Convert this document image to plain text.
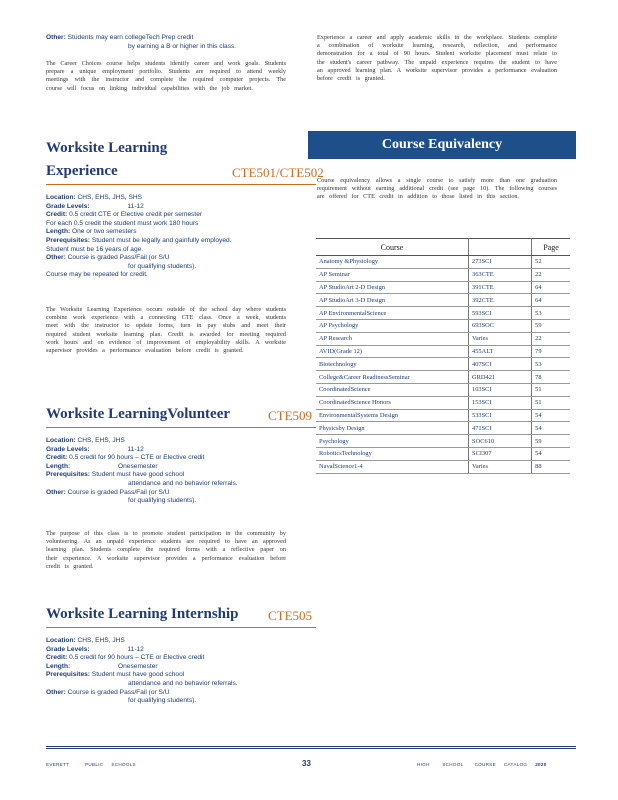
Other: Students may earn collegeTech Prep credit
by earning a B or higher in this class.
The Career Choices course helps students identify career and work goals. Students prepare a unique employment portfolio. Students are required to attend weekly meetings with the instructor and complete the required computer projects. The course will focus on linking individual capabilities with the job market.
Worksite Learning
Experience	CTE501/CTE502
Location: CHS, EHS, JHS, SHS
Grade Levels:	11-12
Credit: 0.5 credit CTE or Elective credit per semester
For each 0.5 credit the student must work 180 hours
Length: One or two semesters
Prerequisites: Student must be legally and gainfully employed.
Student must be 16 years of age.
Other: Course is graded Pass/Fail (or S/U
for qualifying students).
Course may be repeated for credit.
The Worksite Learning Experience occurs outside of the school day where students combine work experience with a connecting CTE class. Once a week, students meet with the instructor to update forms, turn in pay stubs and meet their required student worksite learning plan. Credit is awarded for meeting required work hours and on evidence of improvement of employability skills. A worksite supervisor provides a performance evaluation before credit is granted.
Worksite LearningVolunteer	CTE509
Location: CHS, EHS, JHS
Grade Levels:	11-12
Credit: 0.5 credit for 90 hours – CTE or Elective credit
Length:	Onesemester
Prerequisites: Student must have good school
attendance and no behavior referrals.
Other: Course is graded Pass/Fail (or S/U
for qualifying students).
The purpose of this class is to promote student participation in the community by volunteering. As an unpaid experience students are required to have an approved learning plan. Students complete the required forms with a reflective paper on their experience. A worksite supervisor provides a performance evaluation before credit is granted.
Worksite Learning Internship CTE505
Location: CHS, EHS, JHS
Grade Levels:	11-12
Credit: 0.5 credit for 90 hours – CTE or Elective credit
Length:	Onesemester
Prerequisites: Student must have good school
attendance and no behavior referrals.
Other: Course is graded Pass/Fail (or S/U
for qualifying students).
Experience a career and apply academic skills in the workplace. Students complete a combination of worksite learning, research, reflection, and performance demonstration for a total of 90 hours. Student worksite placement must relate to the student's career pathway. The unpaid experience requires the student to have an approved learning plan. A worksite supervisor provides a performance evaluation before credit is granted.
Course Equivalency
Course equivalency allows a single course to satisfy more than one graduation requirement without earning additional credit (see page 10). The following courses are offered for CTE credit in addition to those listed in this section.
Course		Page
Anatomy &Physiology	273SCI	52
AP Seminar	363CTE	22
AP StudioArt 2-D Design	391CTE	64
AP StudioArt 3-D Design	392CTE	64
AP EnvironmentalScience	593SCI	53
AP Psychology	693SOC	59
AP Research	Varies	22
AVID(Grade 12)	455ALT	79
Biotechnology	407SCI	53
College&Career ReadinessSeminar	GRD421	78
CoordinatedScience	103SCI	51
CoordinatedScience Honors	153SCI	51
EnvironmentalSystems Design	533SCI	54
Physicsby Design	471SCI	54
Psychology	SOC610	59
RoboticsTechnology	SCI307	54
NavalScience1-4	Varies	88
EVERETT	PUBLIC SCHOOLS	33	HIGH	SCHOOL COURSE CATALOG 2020
